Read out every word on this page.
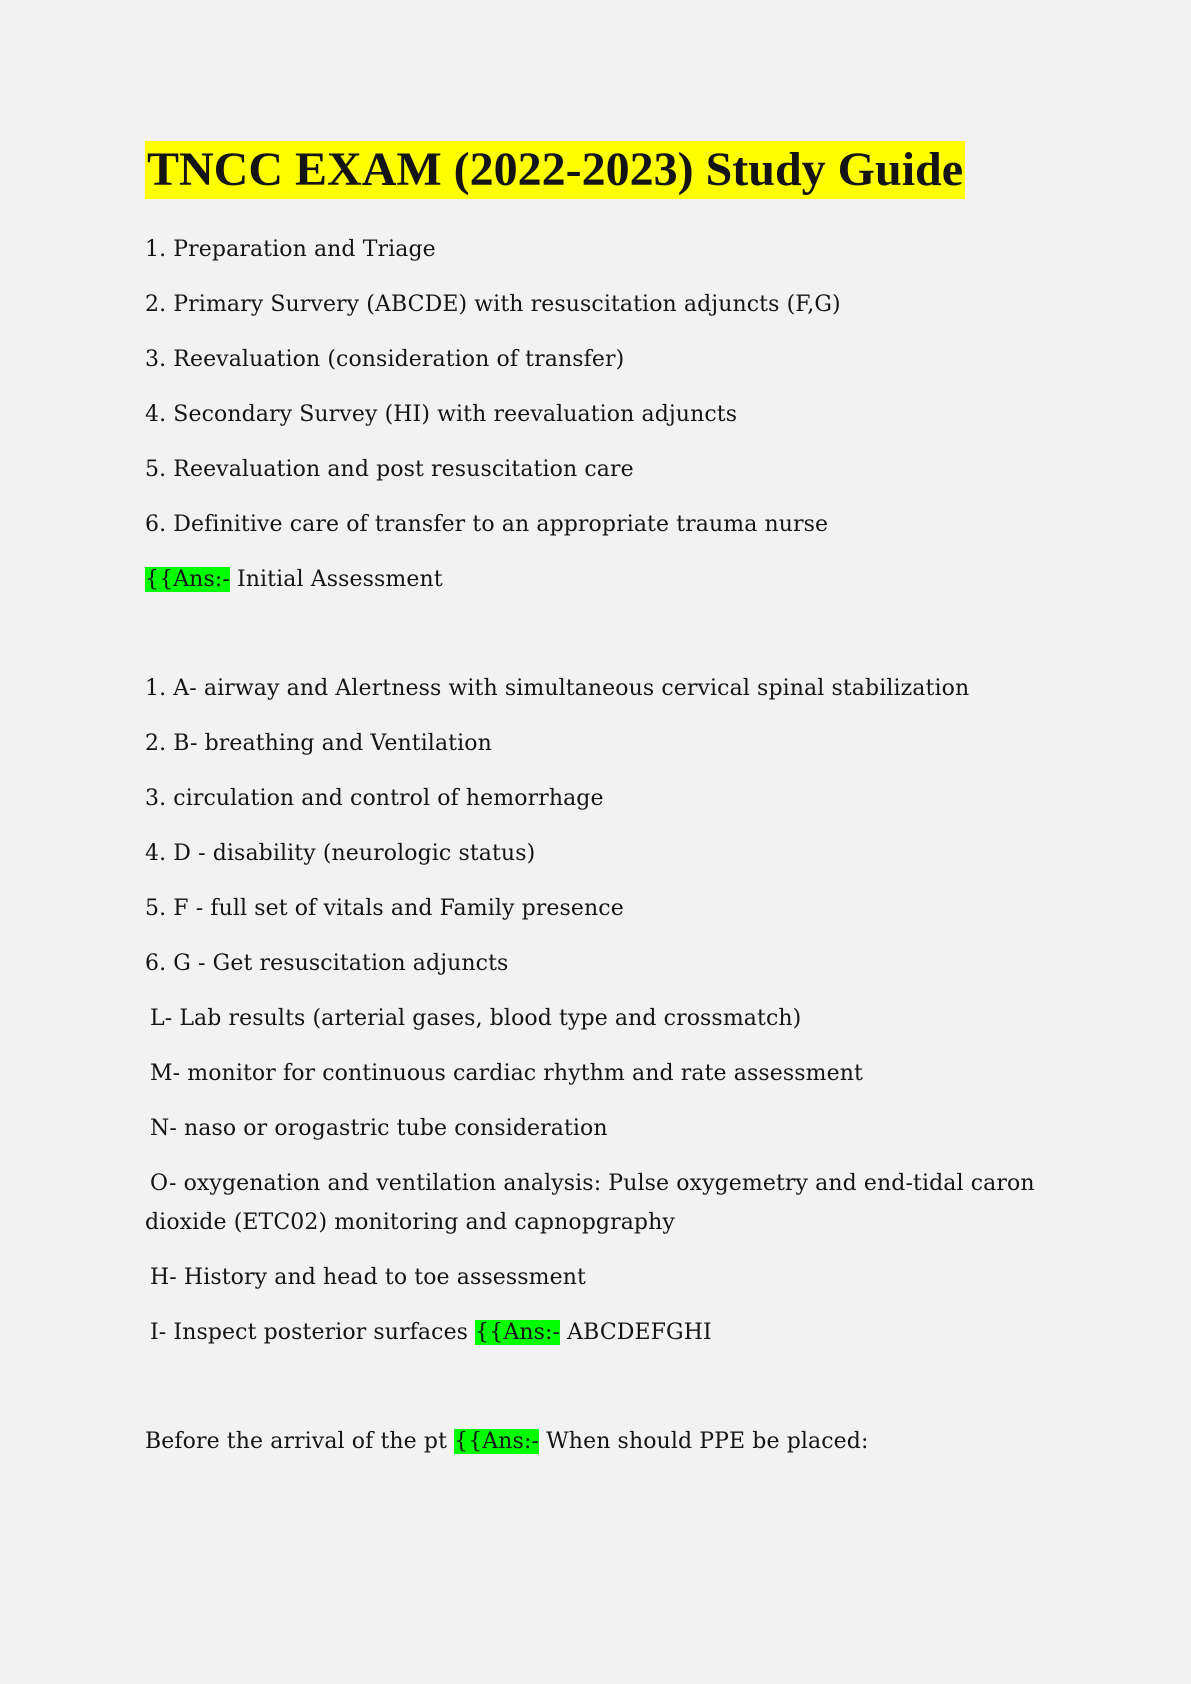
TNCC EXAM (2022-2023) Study Guide

1. Preparation and Triage

2. Primary Survery (ABCDE) with resuscitation adjuncts (F,G)

3. Reevaluation (consideration of transfer)

4. Secondary Survey (HI) with reevaluation adjuncts

5. Reevaluation and post resuscitation care

6. Definitive care of transfer to an appropriate trauma nurse

{{Ans:- Initial Assessment

1. A- airway and Alertness with simultaneous cervical spinal stabilization

2. B- breathing and Ventilation

3. circulation and control of hemorrhage

4. D - disability (neurologic status)

5. F - full set of vitals and Family presence

6. G - Get resuscitation adjuncts

L- Lab results (arterial gases, blood type and crossmatch)

M- monitor for continuous cardiac rhythm and rate assessment

N- naso or orogastric tube consideration

O- oxygenation and ventilation analysis: Pulse oxygemetry and end-tidal caron

dioxide (ETC02) monitoring and capnopgraphy

H- History and head to toe assessment

I- Inspect posterior surfaces {{Ans:- ABCDEFGHI

Before the arrival of the pt {{Ans:- When should PPE be placed:
